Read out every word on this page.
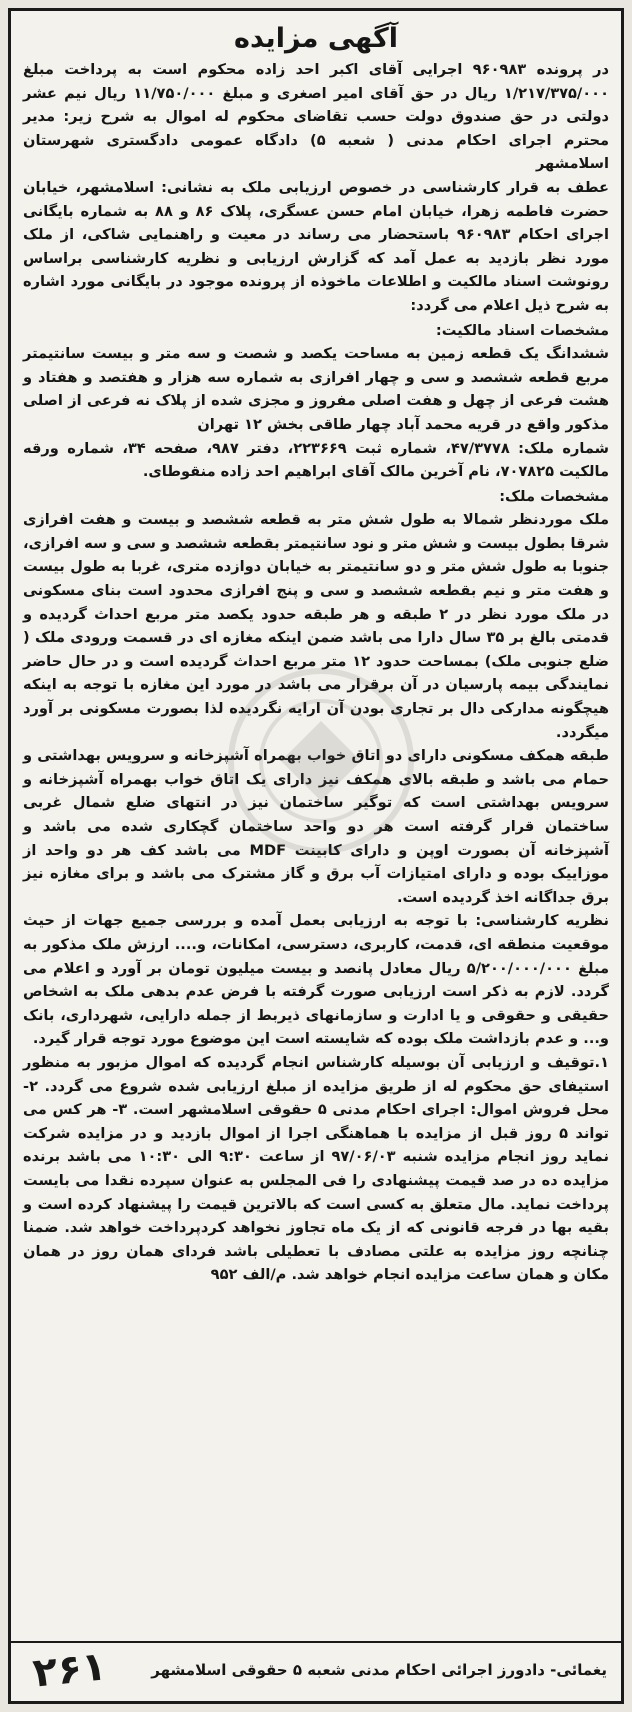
آگهی مزایده

در پرونده ۹۶۰۹۸۳ اجرایی آقای اکبر احد زاده محکوم است به پرداخت مبلغ ۱/۲۱۷/۳۷۵/۰۰۰ ریال در حق آقای امیر اصغری و مبلغ ۱۱/۷۵۰/۰۰۰ ریال نیم عشر دولتی در حق صندوق دولت حسب تقاضای محکوم له اموال به شرح زیر: مدیر محترم اجرای احکام مدنی ( شعبه ۵) دادگاه عمومی دادگستری شهرستان اسلامشهر

عطف به قرار کارشناسی در خصوص ارزیابی ملک به نشانی: اسلامشهر، خیابان حضرت فاطمه زهرا، خیابان امام حسن عسگری، پلاک ۸۶ و ۸۸ به شماره بایگانی اجرای احکام ۹۶۰۹۸۳ باستحضار می رساند در معیت و راهنمایی شاکی، از ملک مورد نظر بازدید به عمل آمد که گزارش ارزیابی و نظریه کارشناسی براساس رونوشت اسناد مالکیت و اطلاعات ماخوذه از پرونده موجود در بایگانی مورد اشاره به شرح ذیل اعلام می گردد:

مشخصات اسناد مالکیت:

ششدانگ یک قطعه زمین به مساحت یکصد و شصت و سه متر و بیست سانتیمتر مربع قطعه ششصد و سی و چهار افرازی به شماره سه هزار و هفتصد و هفتاد و هشت فرعی از چهل و هفت اصلی مفروز و مجزی شده از پلاک نه فرعی از اصلی مذکور واقع در قریه محمد آباد چهار طاقی بخش ۱۲ تهران

شماره ملک: ۴۷/۳۷۷۸، شماره ثبت ۲۲۳۶۶۹، دفتر ۹۸۷، صفحه ۳۴، شماره ورقه مالکیت ۷۰۷۸۲۵، نام آخرین مالک آقای ابراهیم احد زاده منقوطای.

مشخصات ملک:

ملک موردنظر شمالا به طول شش متر به قطعه ششصد و بیست و هفت افرازی شرقا بطول بیست و شش متر و نود سانتیمتر بقطعه ششصد و سی و سه افرازی، جنوبا به طول شش متر و دو سانتیمتر به خیابان دوازده متری، غربا به طول بیست و هفت متر و نیم بقطعه ششصد و سی و پنج افرازی محدود است بنای مسکونی در ملک مورد نظر در ۲ طبقه و هر طبقه حدود یکصد متر مربع احداث گردیده و قدمتی بالغ بر ۳۵ سال دارا می باشد ضمن اینکه مغازه ای در قسمت ورودی ملک ( ضلع جنوبی ملک) بمساحت حدود ۱۲ متر مربع احداث گردیده است و در حال حاضر نمایندگی بیمه پارسیان در آن برقرار می باشد در مورد این مغازه با توجه به اینکه هیچگونه مدارکی دال بر تجاری بودن آن ارایه نگردیده لذا بصورت مسکونی بر آورد میگردد.

طبقه همکف مسکونی دارای دو اتاق خواب بهمراه آشپزخانه و سرویس بهداشتی و حمام می باشد و طبقه بالای همکف نیز دارای یک اتاق خواب بهمراه آشپزخانه و سرویس بهداشتی است که توگیر ساختمان نیز در انتهای ضلع شمال غربی ساختمان قرار گرفته است هر دو واحد ساختمان گچکاری شده می باشد و آشپزخانه آن بصورت اوپن و دارای کابینت MDF می باشد کف هر دو واحد از موزاییک بوده و دارای امتیازات آب برق و گاز مشترک می باشد و برای مغازه نیز برق جداگانه اخذ گردیده است.

نظریه کارشناسی: با توجه به ارزیابی بعمل آمده و بررسی جمیع جهات از حیث موقعیت منطقه ای، قدمت، کاربری، دسترسی، امکانات، و.... ارزش ملک مذکور به مبلغ ۵/۲۰۰/۰۰۰/۰۰۰ ریال معادل پانصد و بیست میلیون تومان بر آورد و اعلام می گردد. لازم به ذکر است ارزیابی صورت گرفته با فرض عدم بدهی ملک به اشخاص حقیقی و حقوقی و یا ادارت و سازمانهای ذیربط از جمله دارایی، شهرداری، بانک و... و عدم بازداشت ملک بوده که شایسته است این موضوع مورد توجه قرار گیرد.

۱.توقیف و ارزیابی آن بوسیله کارشناس انجام گردیده که اموال مزبور به منظور استیفای حق محکوم له از طریق مزایده از مبلغ ارزیابی شده شروع می گردد. ۲- محل فروش اموال: اجرای احکام مدنی ۵ حقوقی اسلامشهر است. ۳- هر کس می تواند ۵ روز قبل از مزایده با هماهنگی اجرا از اموال بازدید و در مزایده شرکت نماید روز انجام مزایده شنبه ۹۷/۰۶/۰۳ از ساعت ۹:۳۰ الی ۱۰:۳۰ می باشد برنده مزایده ده در صد قیمت پیشنهادی را فی المجلس به عنوان سپرده نقدا می بایست پرداخت نماید. مال متعلق به کسی است که بالاترین قیمت را پیشنهاد کرده است و بقیه بها در فرجه قانونی که از یک ماه تجاوز نخواهد کردپرداخت خواهد شد. ضمنا چنانچه روز مزایده به علتی مصادف با تعطیلی باشد فردای همان روز در همان مکان و همان ساعت مزایده انجام خواهد شد. م/الف ۹۵۲

یغمائی- دادورز اجرائی احکام مدنی شعبه ۵ حقوقی اسلامشهر
۲۶۱
